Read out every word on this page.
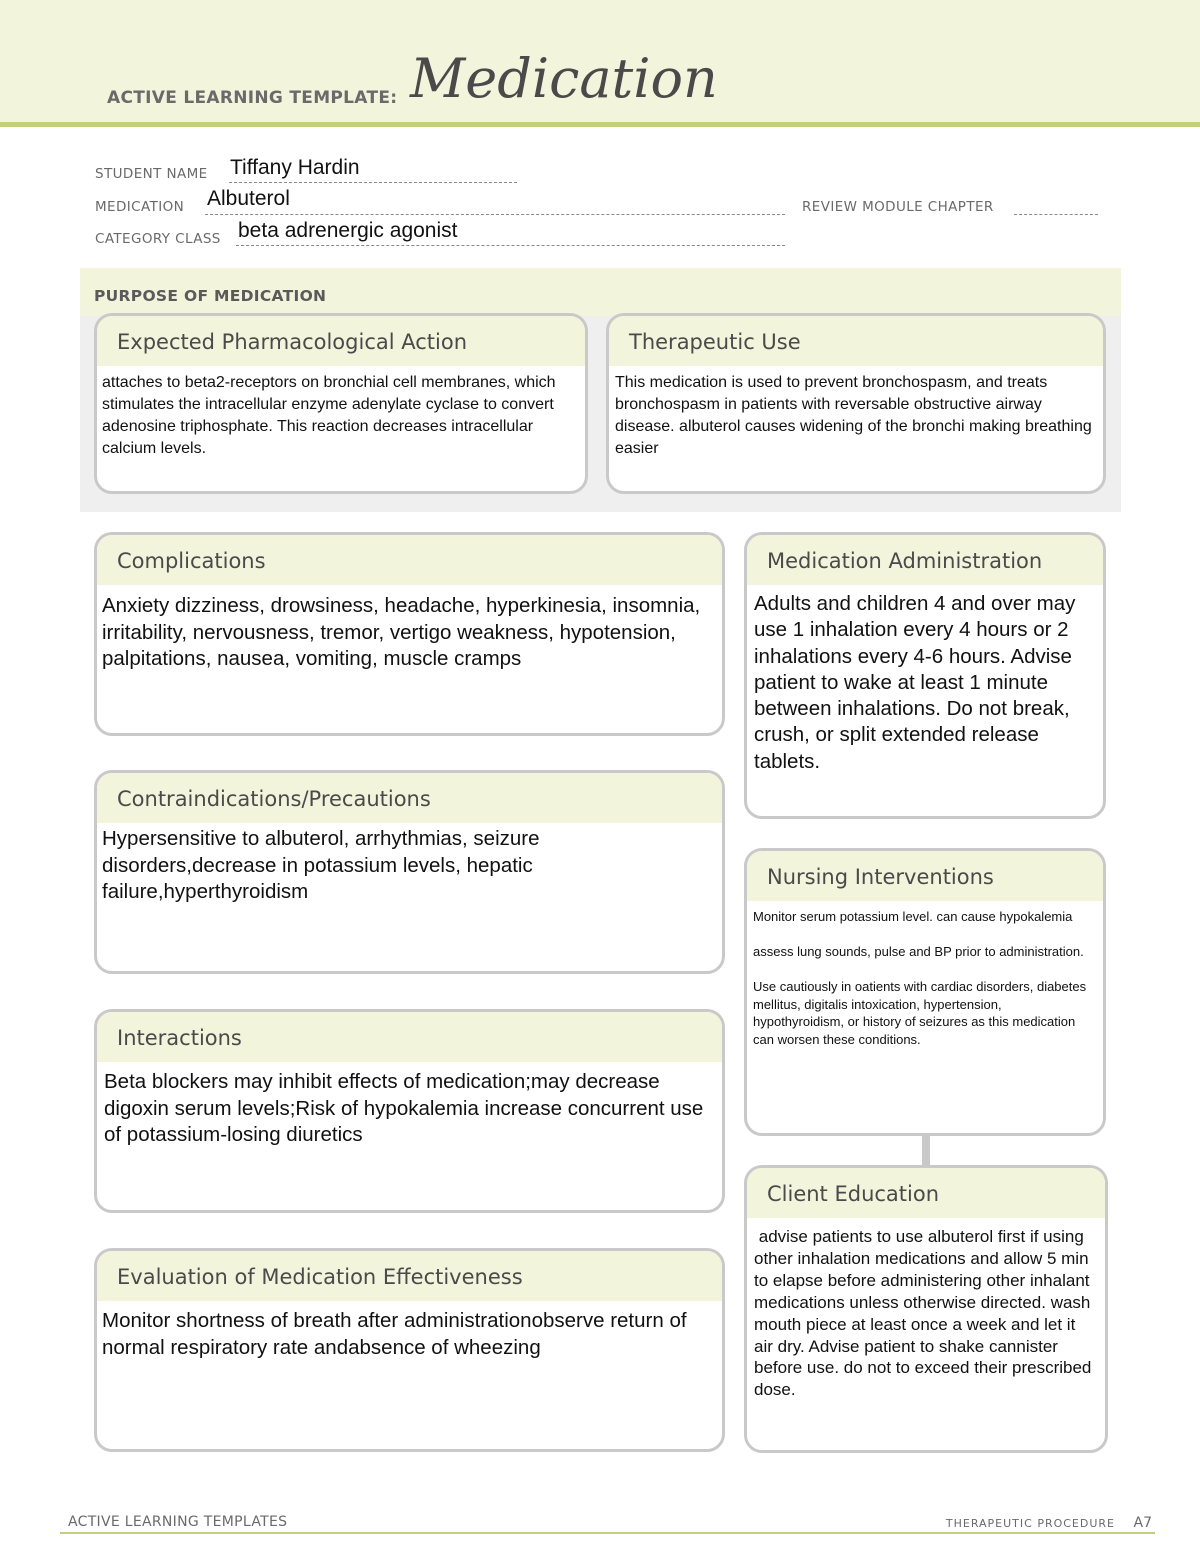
ACTIVE LEARNING TEMPLATE: Medication
STUDENT NAME Tiffany Hardin
MEDICATION Albuterol	REVIEW MODULE CHAPTER
CATEGORY CLASS beta adrenergic agonist
PURPOSE OF MEDICATION
Expected Pharmacological Action
attaches to beta2-receptors on bronchial cell membranes, which stimulates the intracellular enzyme adenylate cyclase to convert adenosine triphosphate. This reaction decreases intracellular calcium levels.
Therapeutic Use
This medication is used to prevent bronchospasm, and treats bronchospasm in patients with reversable obstructive airway disease. albuterol causes widening of the bronchi making breathing easier
Complications
Anxiety dizziness, drowsiness, headache, hyperkinesia, insomnia, irritability, nervousness, tremor, vertigo weakness, hypotension, palpitations, nausea, vomiting, muscle cramps
Contraindications/Precautions
Hypersensitive to albuterol, arrhythmias, seizure disorders,decrease in potassium levels, hepatic failure,hyperthyroidism
Interactions
Beta blockers may inhibit effects of medication;may decrease digoxin serum levels;Risk of hypokalemia increase concurrent use of potassium-losing diuretics
Evaluation of Medication Effectiveness
Monitor shortness of breath after administrationobserve return of normal respiratory rate andabsence of wheezing
Medication Administration
Adults and children 4 and over may use 1 inhalation every 4 hours or 2 inhalations every 4-6 hours. Advise patient to wake at least 1 minute between inhalations. Do not break, crush, or split extended release tablets.
Nursing Interventions
Monitor serum potassium level. can cause hypokalemia
assess lung sounds, pulse and BP prior to administration.
Use cautiously in oatients with cardiac disorders, diabetes mellitus, digitalis intoxication, hypertension, hypothyroidism, or history of seizures as this medication can worsen these conditions.
Client Education
advise patients to use albuterol first if using other inhalation medications and allow 5 min to elapse before administering other inhalant medications unless otherwise directed. wash mouth piece at least once a week and let it air dry. Advise patient to shake cannister before use. do not to exceed their prescribed dose.
ACTIVE LEARNING TEMPLATES	THERAPEUTIC PROCEDURE A7
